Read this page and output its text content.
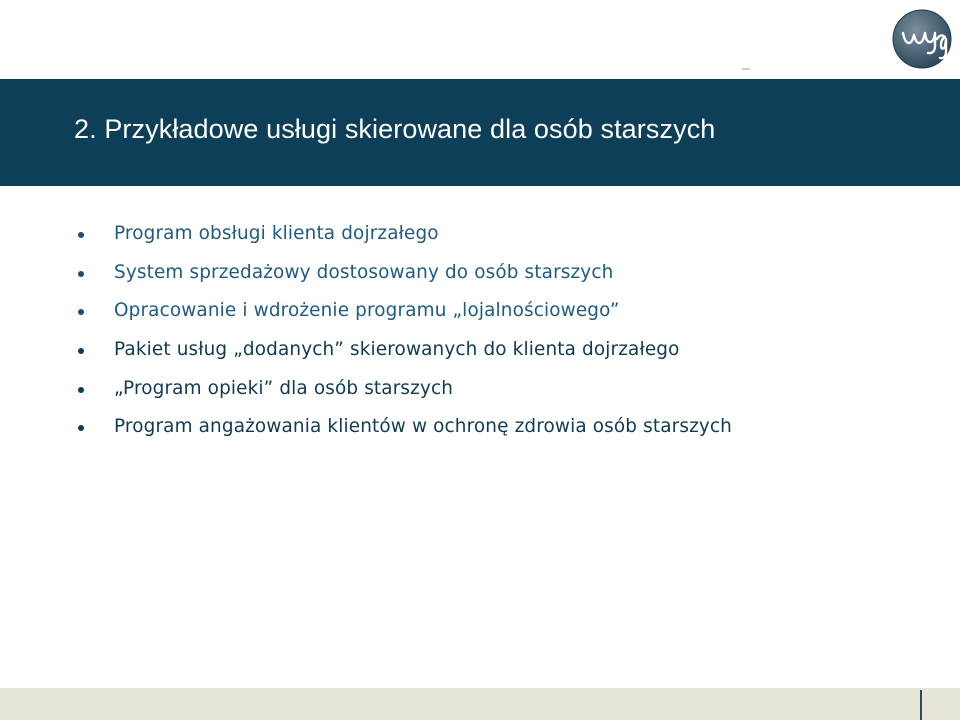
wyg
2. Przykładowe usługi skierowane dla osób starszych
Program obsługi klienta dojrzałego
System sprzedażowy dostosowany do osób starszych
Opracowanie i wdrożenie programu „lojalnościowego”
Pakiet usług „dodanych” skierowanych do klienta dojrzałego
„Program opieki” dla osób starszych
Program angażowania klientów w ochronę zdrowia osób starszych
